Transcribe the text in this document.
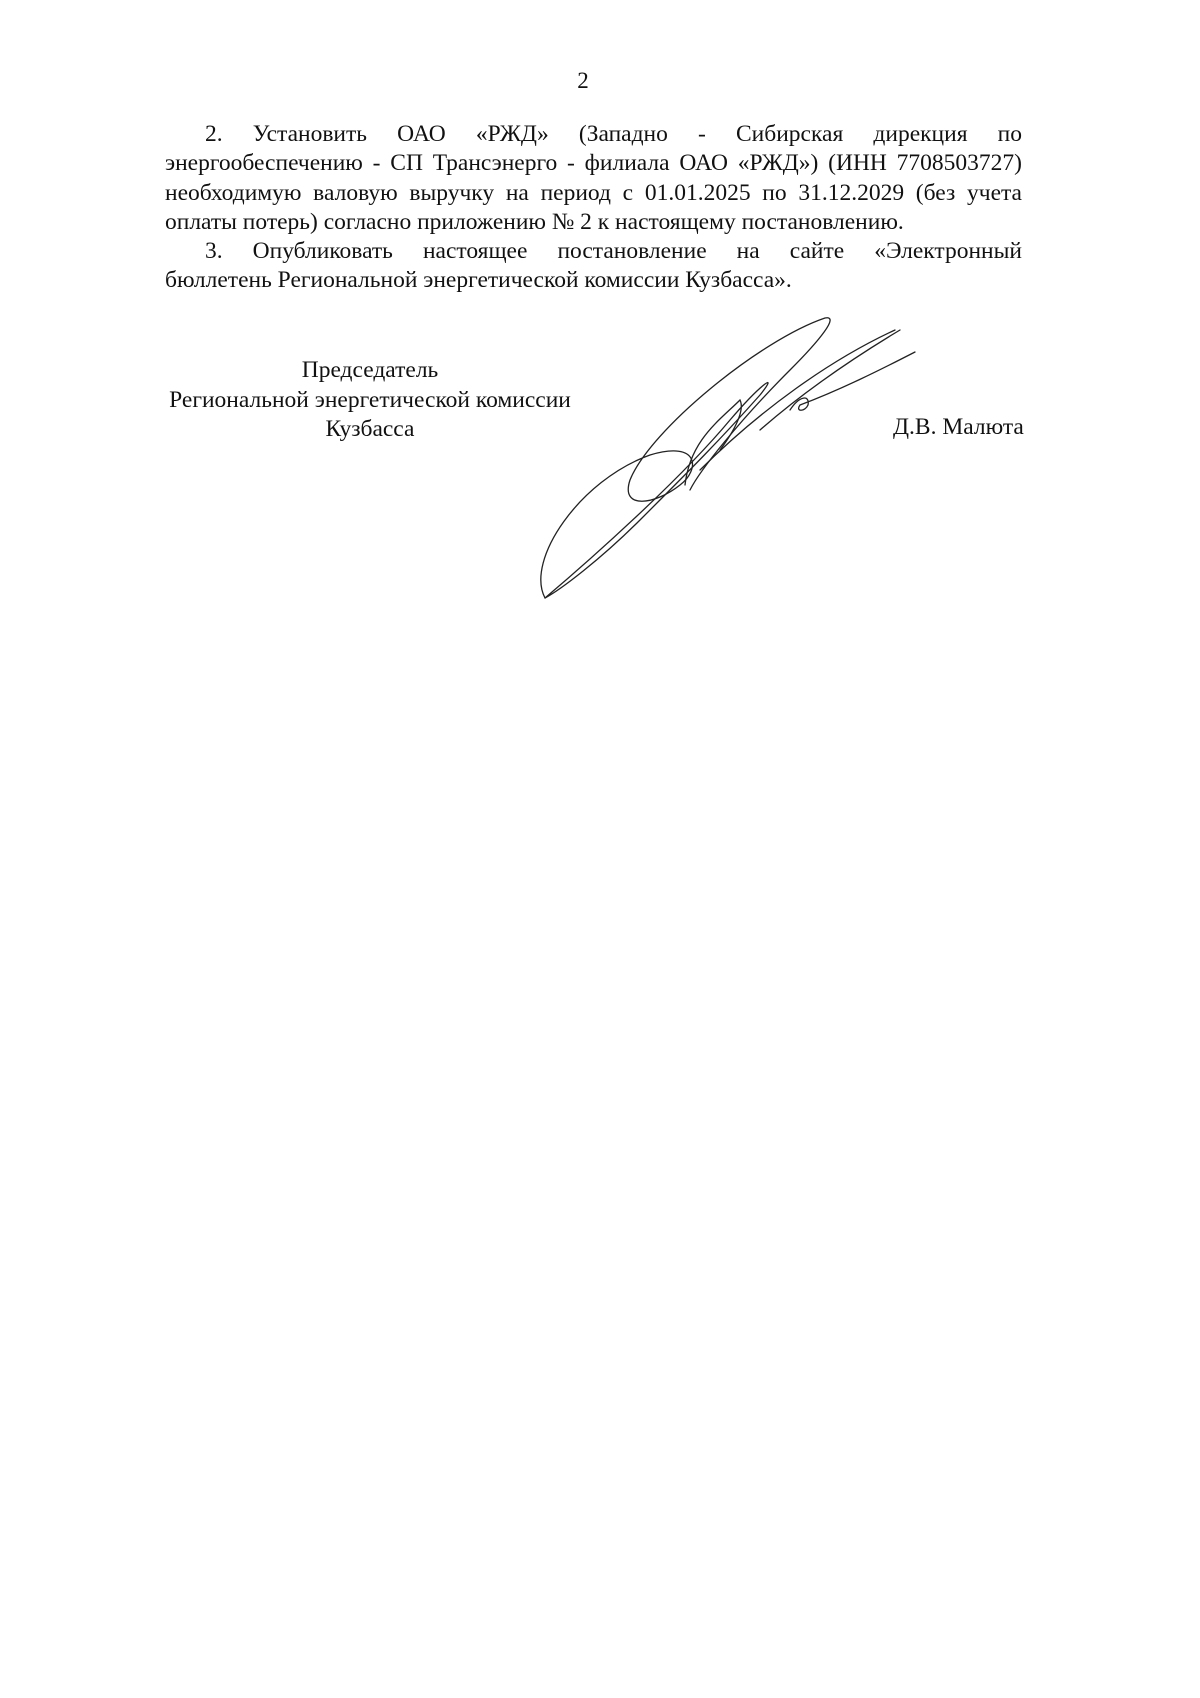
2
2. Установить ОАО «РЖД» (Западно - Сибирская дирекция по
энергообеспечению - СП Трансэнерго - филиала ОАО «РЖД») (ИНН 7708503727)
необходимую валовую выручку на период с 01.01.2025 по 31.12.2029 (без учета
оплаты потерь) согласно приложению № 2 к настоящему постановлению.
3. Опубликовать настоящее постановление на сайте «Электронный
бюллетень Региональной энергетической комиссии Кузбасса».
Председатель
Региональной энергетической комиссии
Кузбасса	Д.В. Малюта
